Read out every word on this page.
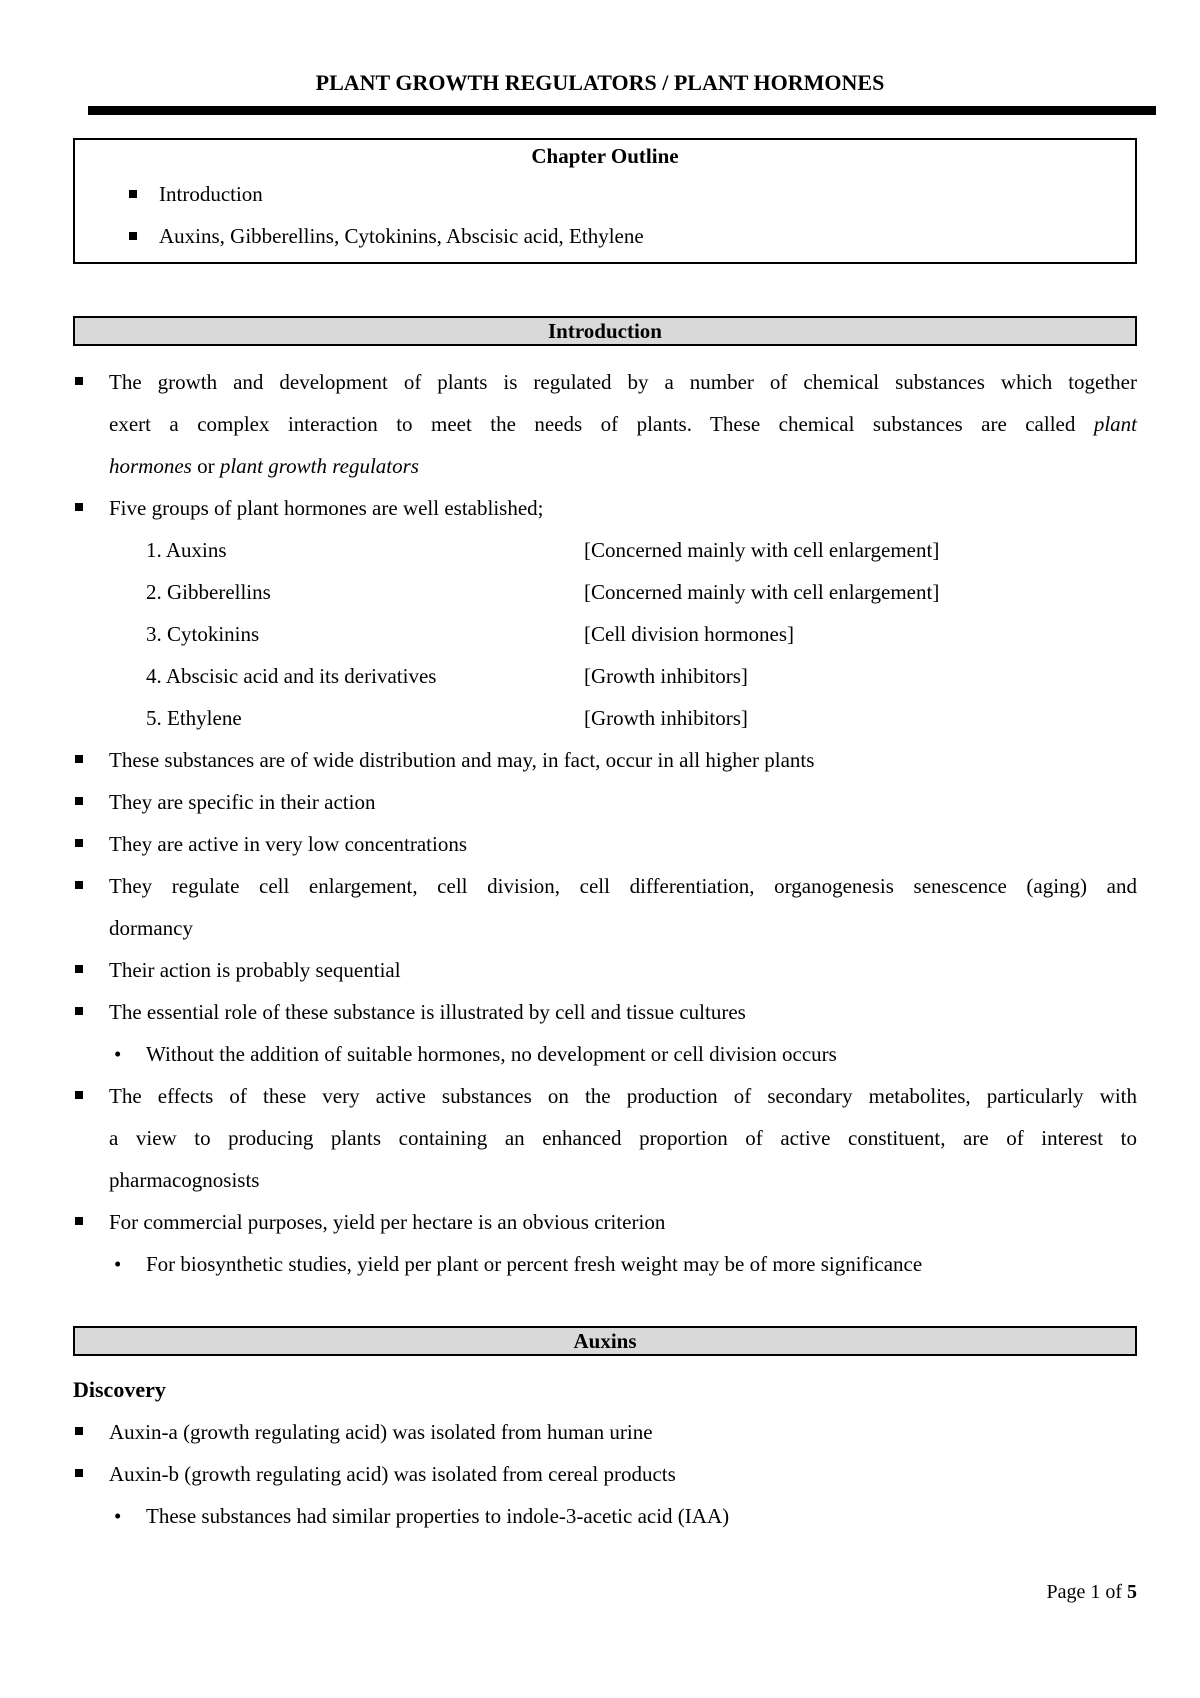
PLANT GROWTH REGULATORS / PLANT HORMONES
Chapter Outline
Introduction
Auxins, Gibberellins, Cytokinins, Abscisic acid, Ethylene
Introduction
The growth and development of plants is regulated by a number of chemical substances which together
exert a complex interaction to meet the needs of plants. These chemical substances are called plant
hormones or plant growth regulators
Five groups of plant hormones are well established;
1. Auxins	[Concerned mainly with cell enlargement]
2. Gibberellins	[Concerned mainly with cell enlargement]
3. Cytokinins	[Cell division hormones]
4. Abscisic acid and its derivatives	[Growth inhibitors]
5. Ethylene	[Growth inhibitors]
These substances are of wide distribution and may, in fact, occur in all higher plants
They are specific in their action
They are active in very low concentrations
They regulate cell enlargement, cell division, cell differentiation, organogenesis senescence (aging) and
dormancy
Their action is probably sequential
The essential role of these substance is illustrated by cell and tissue cultures
• Without the addition of suitable hormones, no development or cell division occurs
The effects of these very active substances on the production of secondary metabolites, particularly with
a view to producing plants containing an enhanced proportion of active constituent, are of interest to
pharmacognosists
For commercial purposes, yield per hectare is an obvious criterion
• For biosynthetic studies, yield per plant or percent fresh weight may be of more significance
Auxins
Discovery
Auxin-a (growth regulating acid) was isolated from human urine
Auxin-b (growth regulating acid) was isolated from cereal products
• These substances had similar properties to indole-3-acetic acid (IAA)
Page 1 of 5
